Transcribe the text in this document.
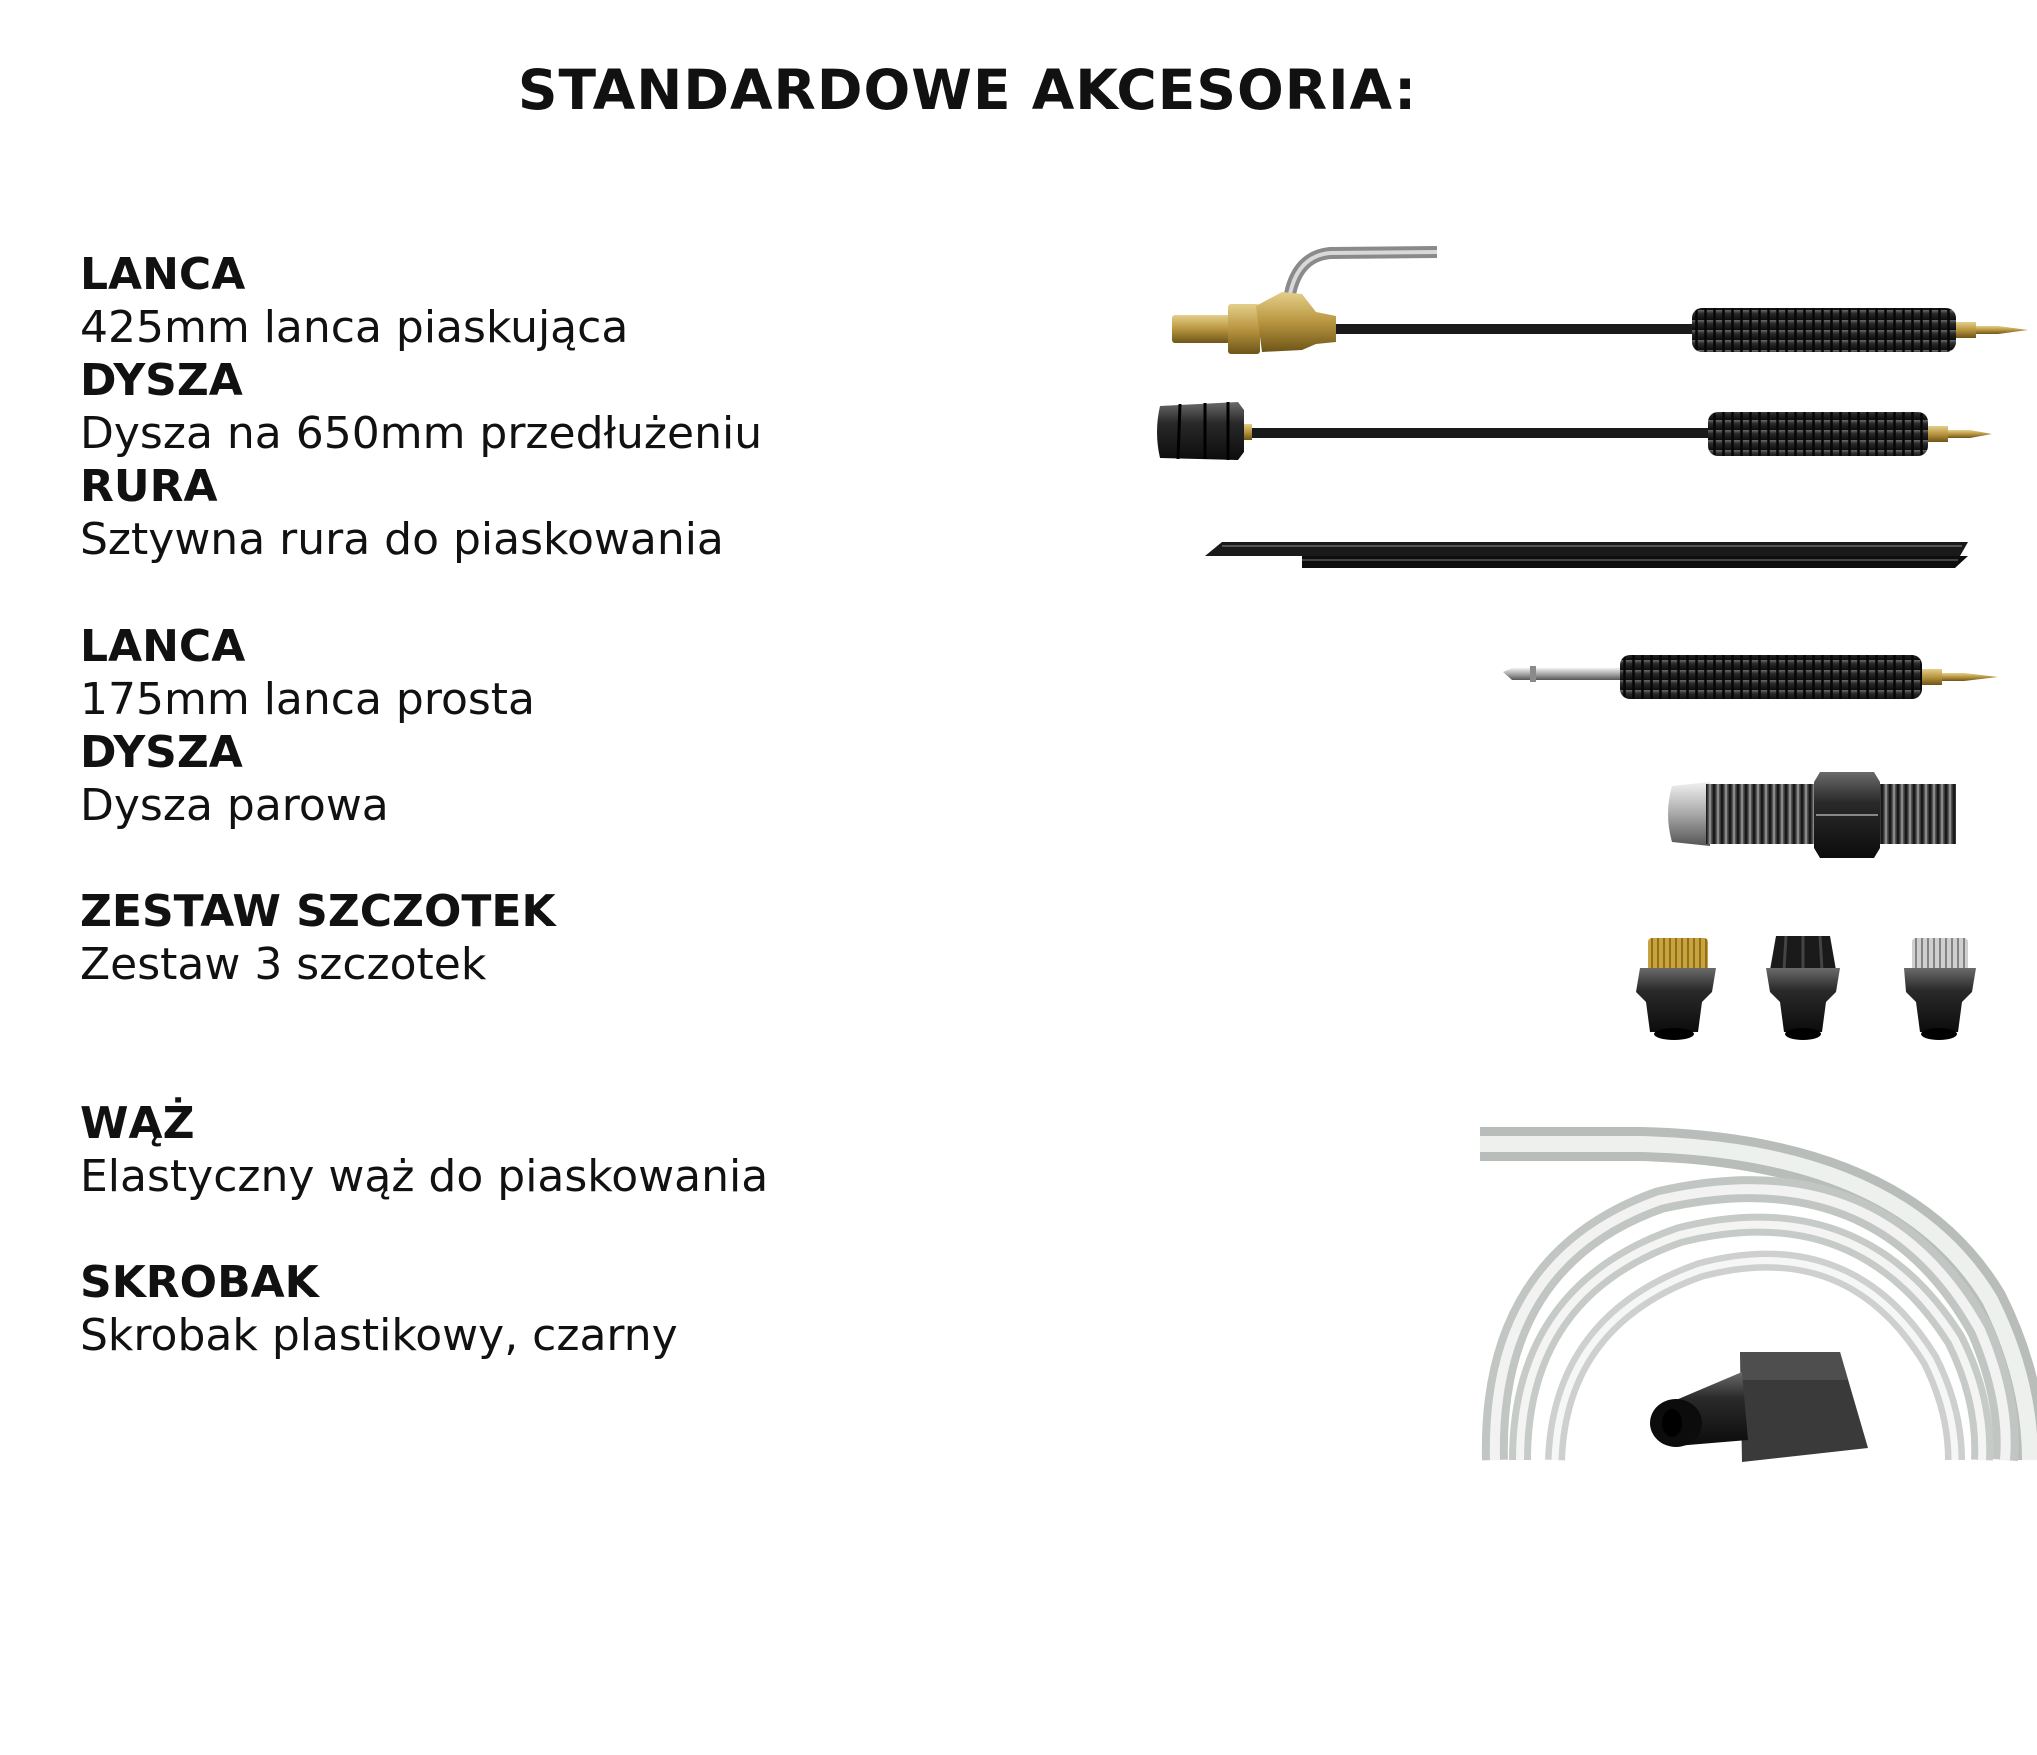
STANDARDOWE AKCESORIA:
LANCA
425mm lanca piaskująca
DYSZA
Dysza na 650mm przedłużeniu
RURA
Sztywna rura do piaskowania
LANCA
175mm lanca prosta
DYSZA
Dysza parowa
ZESTAW SZCZOTEK
Zestaw 3 szczotek
WĄŻ
Elastyczny wąż do piaskowania
SKROBAK
Skrobak plastikowy, czarny
